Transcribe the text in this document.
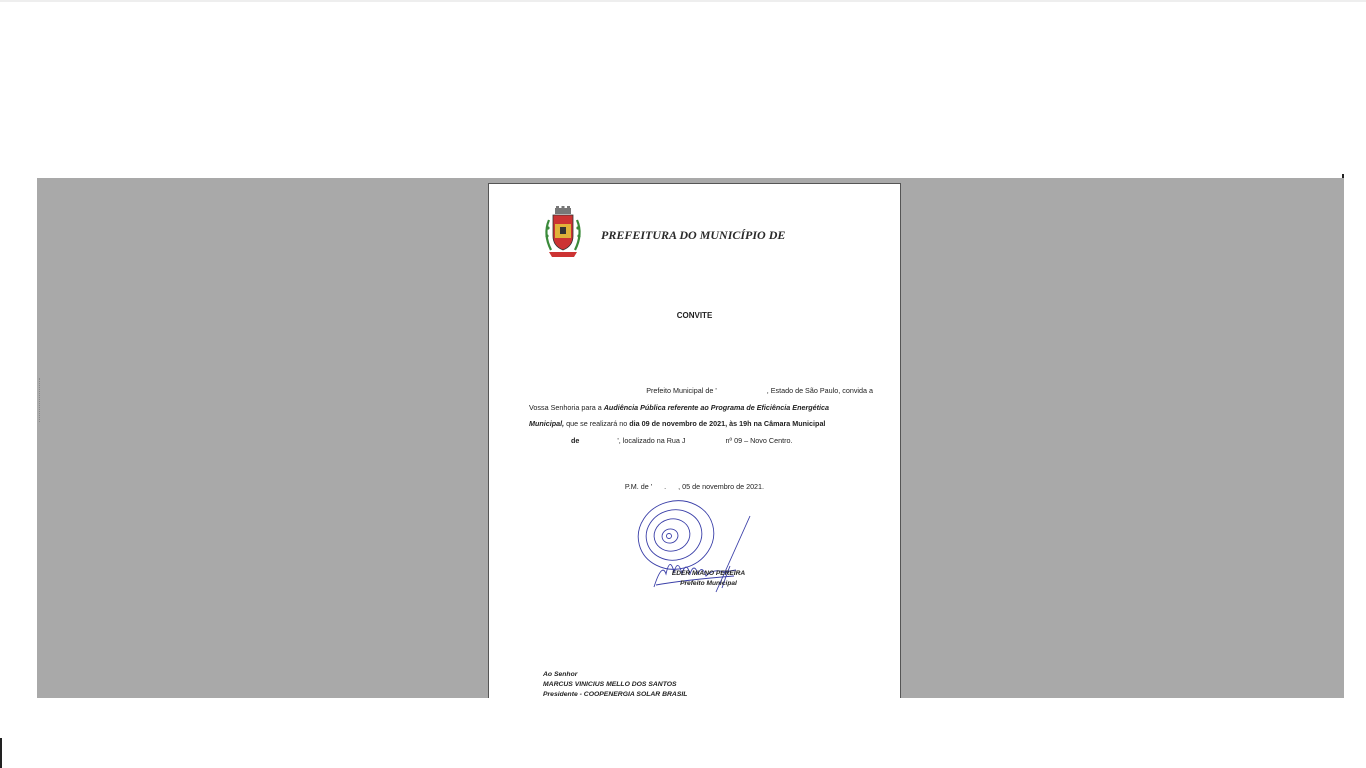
PREFEITURA DO MUNICÍPIO DE
CONVITE
Prefeito Municipal de '	, Estado de São Paulo, convida a
Vossa Senhoria para a Audiência Pública referente ao Programa de Eficiência Energética
Municipal, que se realizará no dia 09 de novembro de 2021, às 19h na Câmara Municipal
de	', localizado na Rua J	nº 09 – Novo Centro.
P.M. de ' . , 05 de novembro de 2021.
EDER MIANO PEREIRA
Prefeito Municipal
Ao Senhor
MARCUS VINICIUS MELLO DOS SANTOS
Presidente - COOPENERGIA SOLAR BRASIL
